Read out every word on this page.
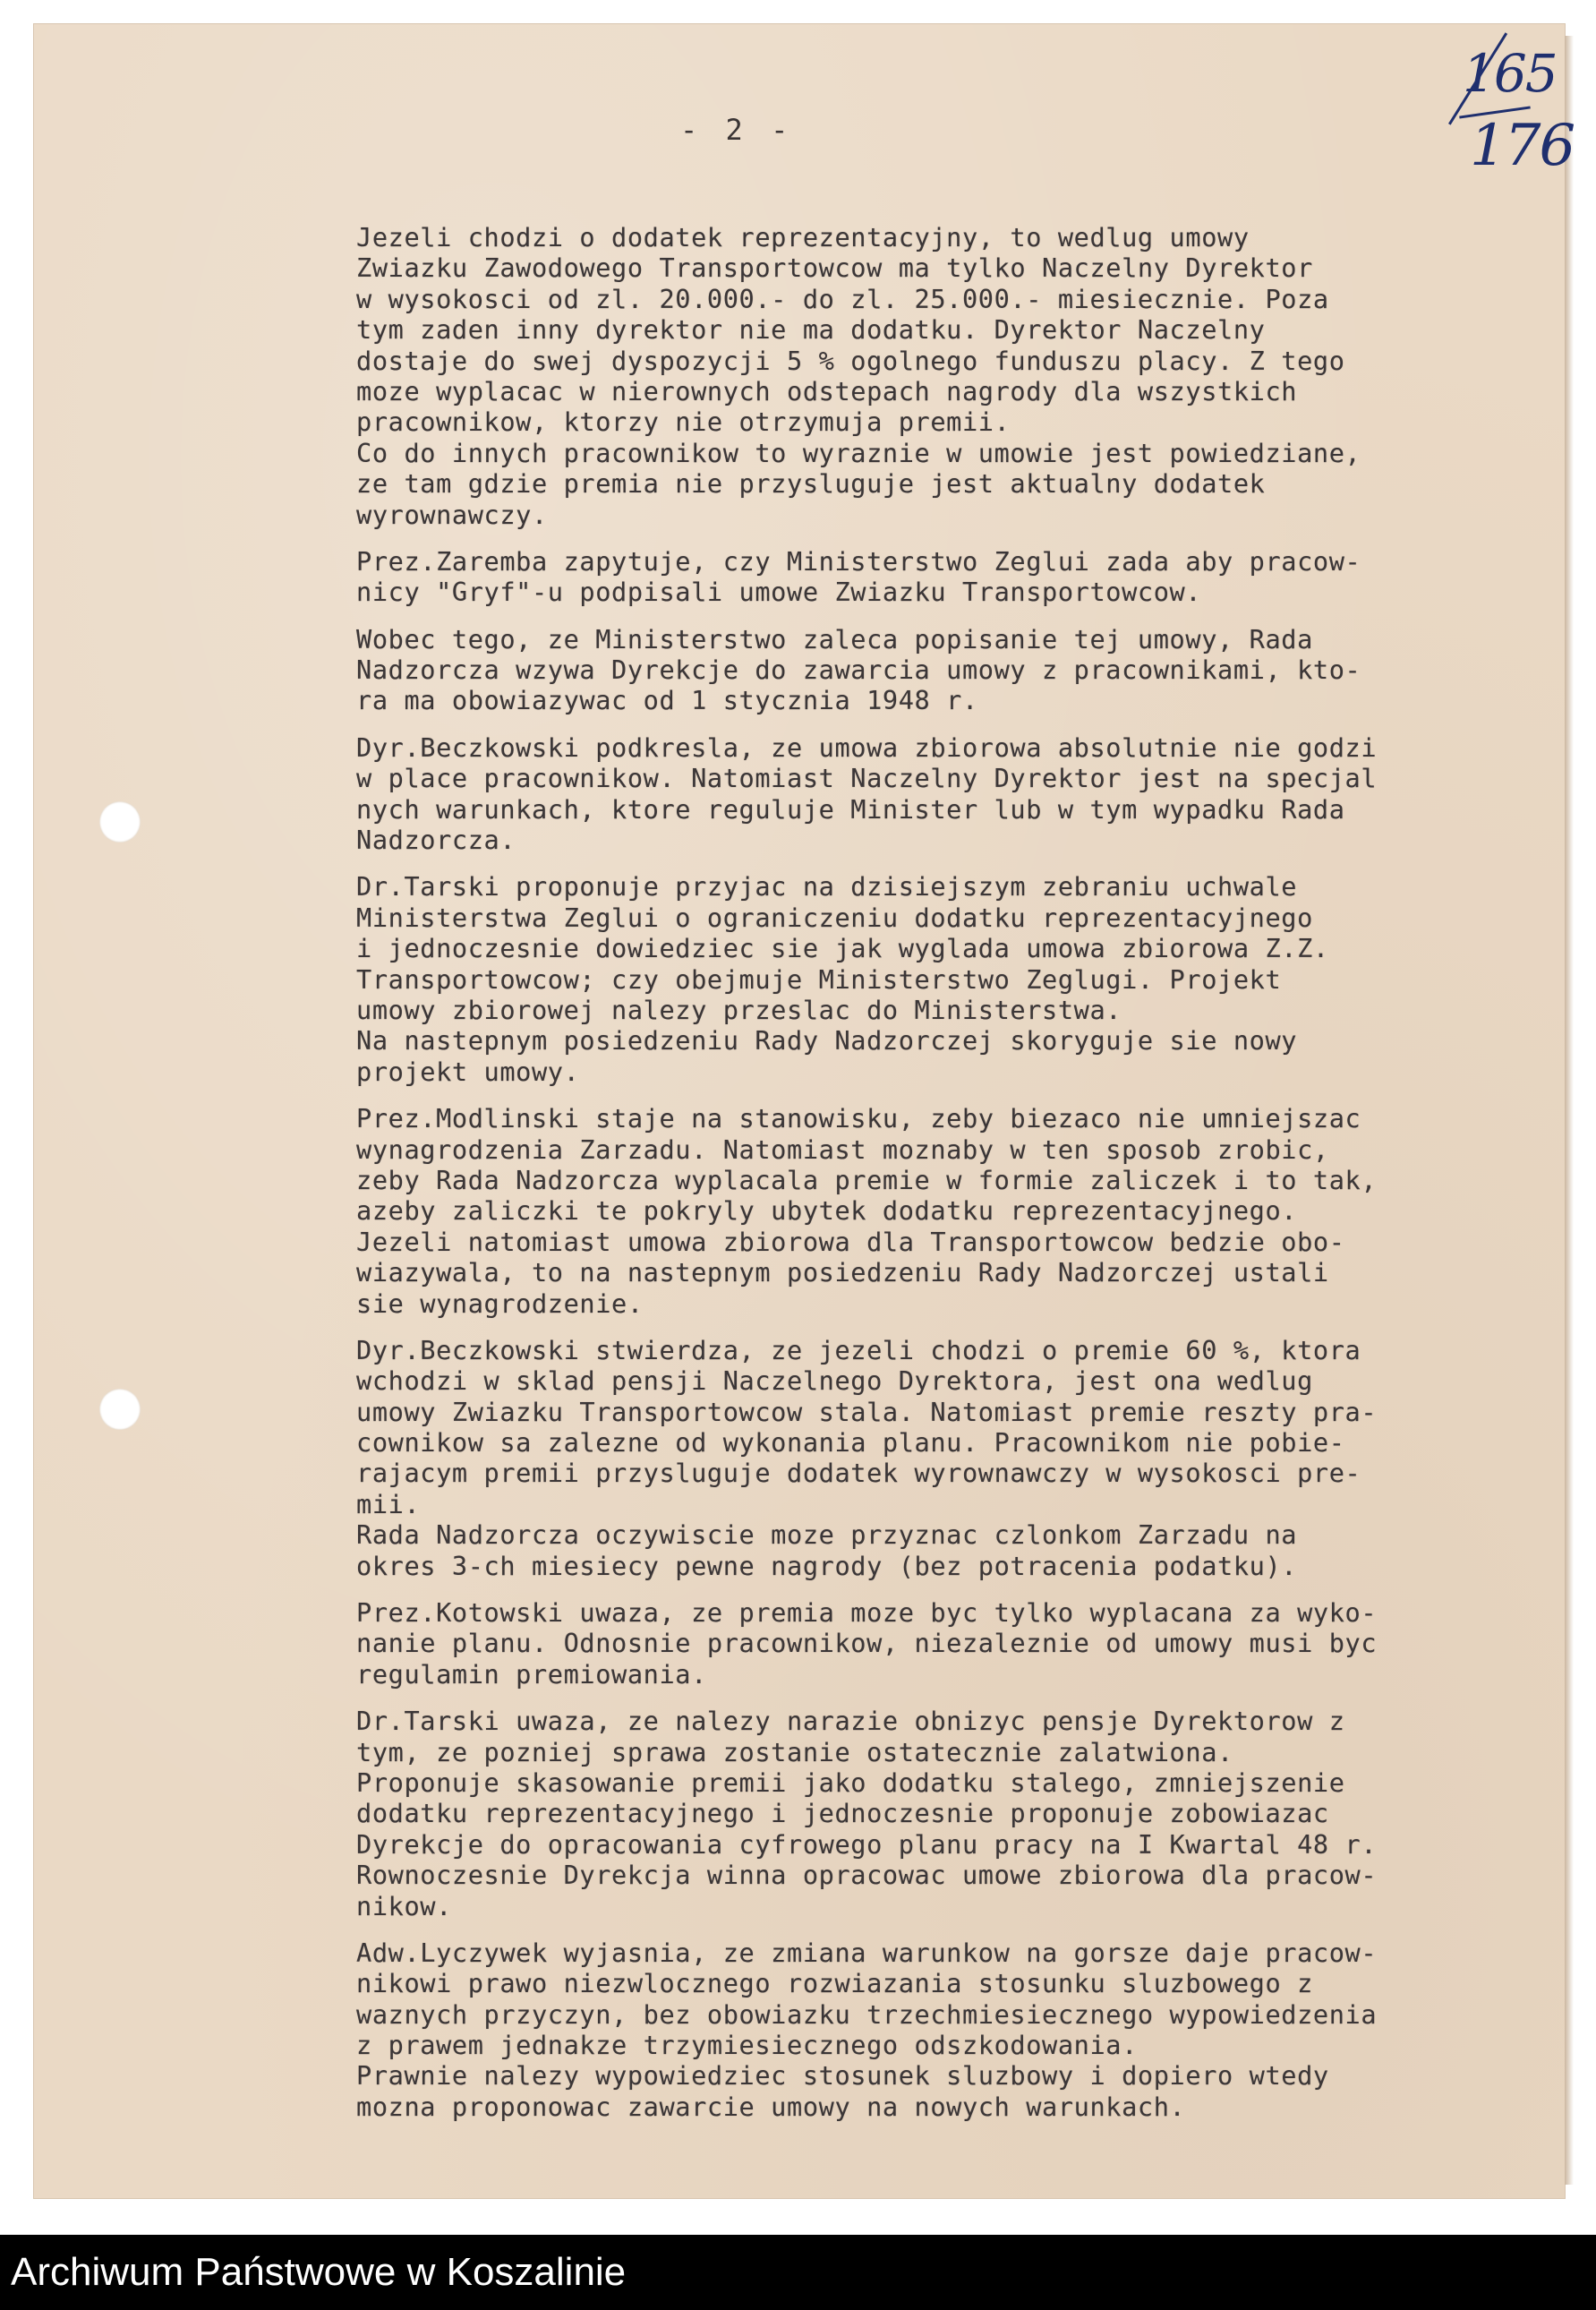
165
176
- 2 -
Jezeli chodzi o dodatek reprezentacyjny, to wedlug umowy
Zwiazku Zawodowego Transportowcow ma tylko Naczelny Dyrektor
w wysokosci od zl. 20.000.- do zl. 25.000.- miesiecznie. Poza
tym zaden inny dyrektor nie ma dodatku. Dyrektor Naczelny
dostaje do swej dyspozycji 5 % ogolnego funduszu placy. Z tego
moze wyplacac w nierownych odstepach nagrody dla wszystkich
pracownikow, ktorzy nie otrzymuja premii.
Co do innych pracownikow to wyraznie w umowie jest powiedziane,
ze tam gdzie premia nie przysluguje jest aktualny dodatek
wyrownawczy.
Prez.Zaremba zapytuje, czy Ministerstwo Zeglui zada aby pracow-
nicy "Gryf"-u podpisali umowe Zwiazku Transportowcow.
Wobec tego, ze Ministerstwo zaleca popisanie tej umowy, Rada
Nadzorcza wzywa Dyrekcje do zawarcia umowy z pracownikami, kto-
ra ma obowiazywac od 1 stycznia 1948 r.
Dyr.Beczkowski podkresla, ze umowa zbiorowa absolutnie nie godzi
w place pracownikow. Natomiast Naczelny Dyrektor jest na specjal
nych warunkach, ktore reguluje Minister lub w tym wypadku Rada
Nadzorcza.
Dr.Tarski proponuje przyjac na dzisiejszym zebraniu uchwale
Ministerstwa Zeglui o ograniczeniu dodatku reprezentacyjnego
i jednoczesnie dowiedziec sie jak wyglada umowa zbiorowa Z.Z.
Transportowcow; czy obejmuje Ministerstwo Zeglugi. Projekt
umowy zbiorowej nalezy przeslac do Ministerstwa.
Na nastepnym posiedzeniu Rady Nadzorczej skoryguje sie nowy
projekt umowy.
Prez.Modlinski staje na stanowisku, zeby biezaco nie umniejszac
wynagrodzenia Zarzadu. Natomiast moznaby w ten sposob zrobic,
zeby Rada Nadzorcza wyplacala premie w formie zaliczek i to tak,
azeby zaliczki te pokryly ubytek dodatku reprezentacyjnego.
Jezeli natomiast umowa zbiorowa dla Transportowcow bedzie obo-
wiazywala, to na nastepnym posiedzeniu Rady Nadzorczej ustali
sie wynagrodzenie.
Dyr.Beczkowski stwierdza, ze jezeli chodzi o premie 60 %, ktora
wchodzi w sklad pensji Naczelnego Dyrektora, jest ona wedlug
umowy Zwiazku Transportowcow stala. Natomiast premie reszty pra-
cownikow sa zalezne od wykonania planu. Pracownikom nie pobie-
rajacym premii przysluguje dodatek wyrownawczy w wysokosci pre-
mii.
Rada Nadzorcza oczywiscie moze przyznac czlonkom Zarzadu na
okres 3-ch miesiecy pewne nagrody (bez potracenia podatku).
Prez.Kotowski uwaza, ze premia moze byc tylko wyplacana za wyko-
nanie planu. Odnosnie pracownikow, niezaleznie od umowy musi byc
regulamin premiowania.
Dr.Tarski uwaza, ze nalezy narazie obnizyc pensje Dyrektorow z
tym, ze pozniej sprawa zostanie ostatecznie zalatwiona.
Proponuje skasowanie premii jako dodatku stalego, zmniejszenie
dodatku reprezentacyjnego i jednoczesnie proponuje zobowiazac
Dyrekcje do opracowania cyfrowego planu pracy na I Kwartal 48 r.
Rownoczesnie Dyrekcja winna opracowac umowe zbiorowa dla pracow-
nikow.
Adw.Lyczywek wyjasnia, ze zmiana warunkow na gorsze daje pracow-
nikowi prawo niezwlocznego rozwiazania stosunku sluzbowego z
waznych przyczyn, bez obowiazku trzechmiesiecznego wypowiedzenia
z prawem jednakze trzymiesiecznego odszkodowania.
Prawnie nalezy wypowiedziec stosunek sluzbowy i dopiero wtedy
mozna proponowac zawarcie umowy na nowych warunkach.
Archiwum Państwowe w Koszalinie
